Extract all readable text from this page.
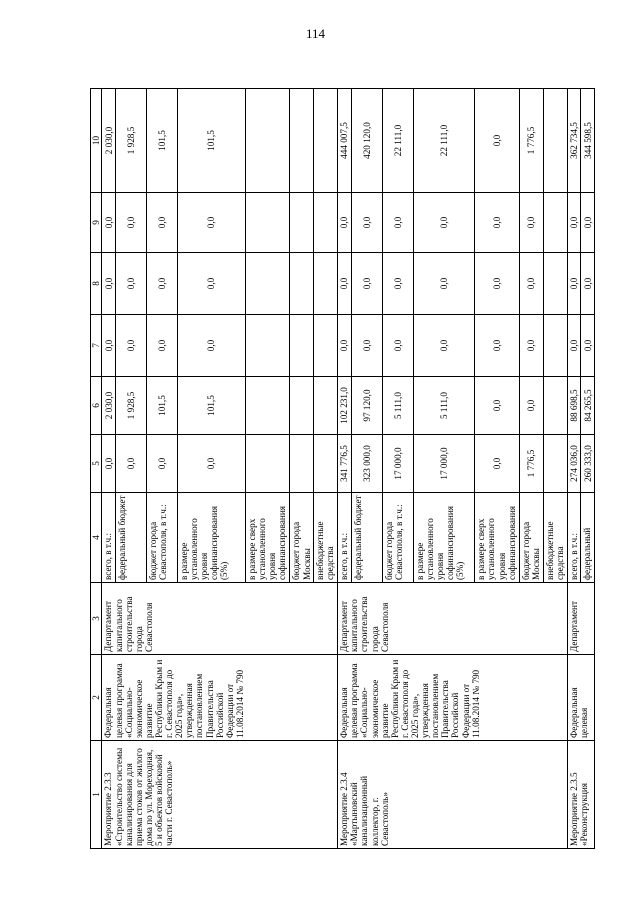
114
1	2	3	4	5	6	7	8	9	10
Мероприятие 2.3.3 «Строительство системы канализирования для приема стоков от жилого дома по ул. Мореходная, 5 и объектов войсковой части г. Севастополь»	Федеральная целевая программа «Социально-экономическое развитие Республики Крым и г. Севастополя до 2025 года», утвержденная постановлением Правительства Российской Федерации от 11.08.2014 № 790	Департамент капитального строительства города Севастополя	всего, в т.ч.:	0,0	2 030,0	0,0	0,0	0,0	2 030,0
			федеральный бюджет	0,0	1 928,5	0,0	0,0	0,0	1 928,5
			бюджет города Севастополя, в т.ч.:	0,0	101,5	0,0	0,0	0,0	101,5
			в размере установленного уровня софинансирования (5%)	0,0	101,5	0,0	0,0	0,0	101,5
			в размере сверх установленного уровня софинансирования						
			бюджет города Москвы						
			внебюджетные средства						
Мероприятие 2.3.4 «Мартыновский канализационный коллектор, г. Севастополь»	Федеральная целевая программа «Социально-экономическое развитие Республики Крым и г. Севастополя до 2025 года», утвержденная постановлением Правительства Российской Федерации от 11.08.2014 № 790	Департамент капитального строительства города Севастополя	всего, в т.ч.:	341 776,5	102 231,0	0,0	0,0	0,0	444 007,5
			федеральный бюджет	323 000,0	97 120,0	0,0	0,0	0,0	420 120,0
			бюджет города Севастополя, в т.ч.:	17 000,0	5 111,0	0,0	0,0	0,0	22 111,0
			в размере установленного уровня софинансирования (5%)	17 000,0	5 111,0	0,0	0,0	0,0	22 111,0
			в размере сверх установленного уровня софинансирования	0,0	0,0	0,0	0,0	0,0	0,0
			бюджет города Москвы	1 776,5	0,0	0,0	0,0	0,0	1 776,5
			внебюджетные средства						
Мероприятие 2.3.5 «Реконструкция	Федеральная целевая	Департамент	всего, в т.ч.:	274 036,0	88 698,5	0,0	0,0	0,0	362 734,5
			федеральный	260 333,0	84 265,5	0,0	0,0	0,0	344 598,5
